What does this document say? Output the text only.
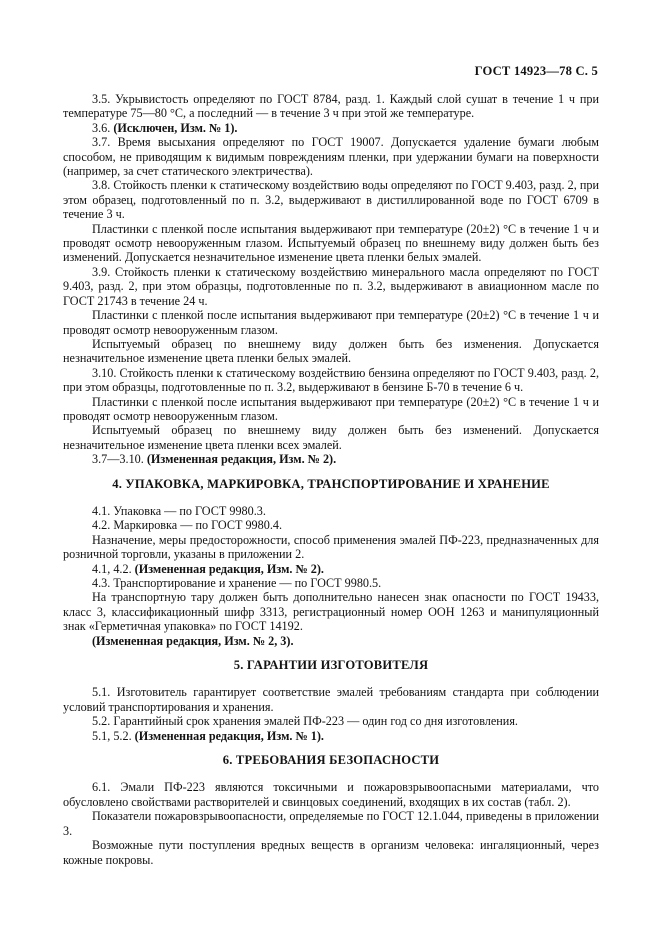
ГОСТ 14923—78 С. 5

3.5. Укрывистость определяют по ГОСТ 8784, разд. 1. Каждый слой сушат в течение 1 ч при температуре 75—80 °С, а последний — в течение 3 ч при этой же температуре.

3.6. (Исключен, Изм. № 1).

3.7. Время высыхания определяют по ГОСТ 19007. Допускается удаление бумаги любым способом, не приводящим к видимым повреждениям пленки, при удержании бумаги на поверхности (например, за счет статического электричества).

3.8. Стойкость пленки к статическому воздействию воды определяют по ГОСТ 9.403, разд. 2, при этом образец, подготовленный по п. 3.2, выдерживают в дистиллированной воде по ГОСТ 6709 в течение 3 ч.

Пластинки с пленкой после испытания выдерживают при температуре (20±2) °С в течение 1 ч и проводят осмотр невооруженным глазом. Испытуемый образец по внешнему виду должен быть без изменений. Допускается незначительное изменение цвета пленки белых эмалей.

3.9. Стойкость пленки к статическому воздействию минерального масла определяют по ГОСТ 9.403, разд. 2, при этом образцы, подготовленные по п. 3.2, выдерживают в авиационном масле по ГОСТ 21743 в течение 24 ч.

Пластинки с пленкой после испытания выдерживают при температуре (20±2) °С в течение 1 ч и проводят осмотр невооруженным глазом.

Испытуемый образец по внешнему виду должен быть без изменения. Допускается незначительное изменение цвета пленки белых эмалей.

3.10. Стойкость пленки к статическому воздействию бензина определяют по ГОСТ 9.403, разд. 2, при этом образцы, подготовленные по п. 3.2, выдерживают в бензине Б-70 в течение 6 ч.

Пластинки с пленкой после испытания выдерживают при температуре (20±2) °С в течение 1 ч и проводят осмотр невооруженным глазом.

Испытуемый образец по внешнему виду должен быть без изменений. Допускается незначительное изменение цвета пленки всех эмалей.

3.7—3.10. (Измененная редакция, Изм. № 2).

4. УПАКОВКА, МАРКИРОВКА, ТРАНСПОРТИРОВАНИЕ И ХРАНЕНИЕ

4.1. Упаковка — по ГОСТ 9980.3.

4.2. Маркировка — по ГОСТ 9980.4.

Назначение, меры предосторожности, способ применения эмалей ПФ-223, предназначенных для розничной торговли, указаны в приложении 2.

4.1, 4.2. (Измененная редакция, Изм. № 2).

4.3. Транспортирование и хранение — по ГОСТ 9980.5.

На транспортную тару должен быть дополнительно нанесен знак опасности по ГОСТ 19433, класс 3, классификационный шифр 3313, регистрационный номер ООН 1263 и манипуляционный знак «Герметичная упаковка» по ГОСТ 14192.

(Измененная редакция, Изм. № 2, 3).

5. ГАРАНТИИ ИЗГОТОВИТЕЛЯ

5.1. Изготовитель гарантирует соответствие эмалей требованиям стандарта при соблюдении условий транспортирования и хранения.

5.2. Гарантийный срок хранения эмалей ПФ-223 — один год со дня изготовления.

5.1, 5.2. (Измененная редакция, Изм. № 1).

6. ТРЕБОВАНИЯ БЕЗОПАСНОСТИ

6.1. Эмали ПФ-223 являются токсичными и пожаровзрывоопасными материалами, что обусловлено свойствами растворителей и свинцовых соединений, входящих в их состав (табл. 2).

Показатели пожаровзрывоопасности, определяемые по ГОСТ 12.1.044, приведены в приложении 3.

Возможные пути поступления вредных веществ в организм человека: ингаляционный, через кожные покровы.
